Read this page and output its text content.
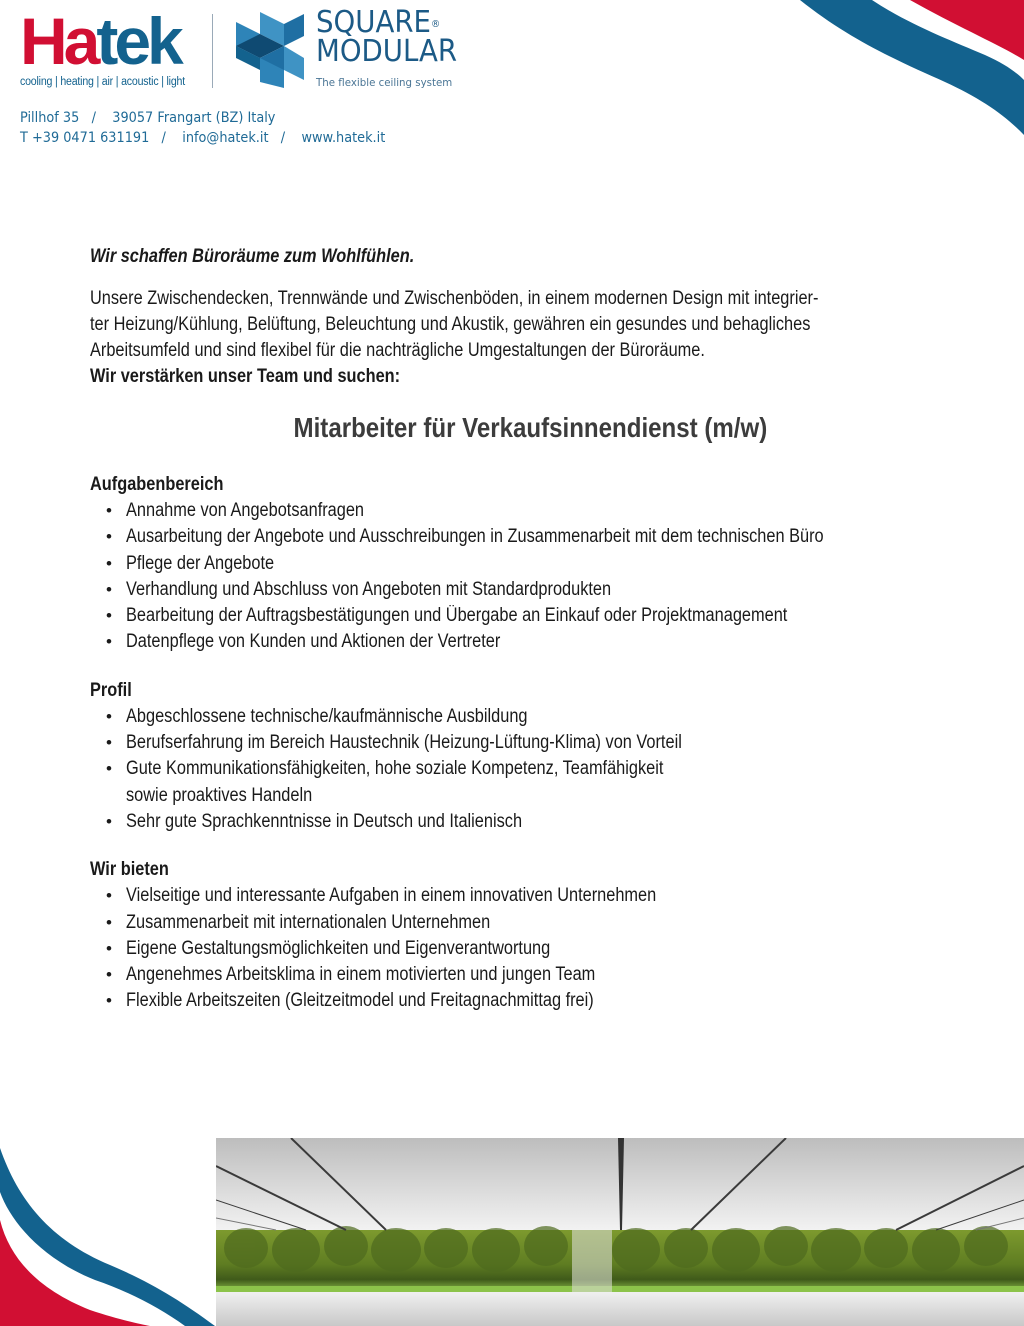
Hatek
cooling | heating | air | acoustic | light
SQUARE®
MODULAR
The flexible ceiling system
Pillhof 35   /    39057 Frangart (BZ) Italy
T +39 0471 631191   /    info@hatek.it   /    www.hatek.it
Wir schaffen Büroräume zum Wohlfühlen.
Unsere Zwischendecken, Trennwände und Zwischenböden, in einem modernen Design mit integrier-
ter Heizung/Kühlung, Belüftung, Beleuchtung und Akustik, gewähren ein gesundes und behagliches
Arbeitsumfeld und sind flexibel für die nachträgliche Umgestaltungen der Büroräume.
Wir verstärken unser Team und suchen:
Mitarbeiter für Verkaufsinnendienst (m/w)
Aufgabenbereich
• Annahme von Angebotsanfragen
• Ausarbeitung der Angebote und Ausschreibungen in Zusammenarbeit mit dem technischen Büro
• Pflege der Angebote
• Verhandlung und Abschluss von Angeboten mit Standardprodukten
• Bearbeitung der Auftragsbestätigungen und Übergabe an Einkauf oder Projektmanagement
• Datenpflege von Kunden und Aktionen der Vertreter
Profil
• Abgeschlossene technische/kaufmännische Ausbildung
• Berufserfahrung im Bereich Haustechnik (Heizung-Lüftung-Klima) von Vorteil
• Gute Kommunikationsfähigkeiten, hohe soziale Kompetenz, Teamfähigkeit
sowie proaktives Handeln
• Sehr gute Sprachkenntnisse in Deutsch und Italienisch
Wir bieten
• Vielseitige und interessante Aufgaben in einem innovativen Unternehmen
• Zusammenarbeit mit internationalen Unternehmen
• Eigene Gestaltungsmöglichkeiten und Eigenverantwortung
• Angenehmes Arbeitsklima in einem motivierten und jungen Team
• Flexible Arbeitszeiten (Gleitzeitmodel und Freitagnachmittag frei)
